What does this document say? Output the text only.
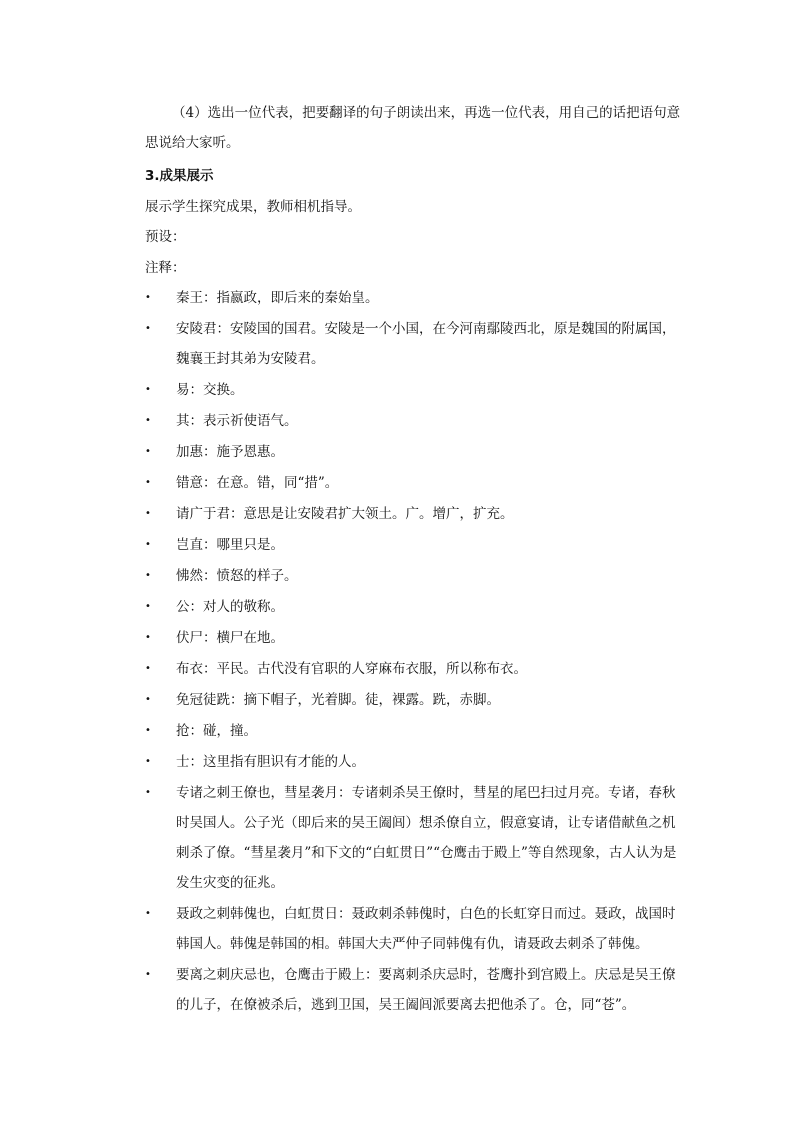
（4）选出一位代表，把要翻译的句子朗读出来，再选一位代表，用自己的话把语句意思说给大家听。

3.成果展示
展示学生探究成果，教师相机指导。
预设：
注释：
•	秦王：指嬴政，即后来的秦始皇。
•	安陵君：安陵国的国君。安陵是一个小国，在今河南鄢陵西北，原是魏国的附属国，魏襄王封其弟为安陵君。
•	易：交换。
•	其：表示祈使语气。
•	加惠：施予恩惠。
•	错意：在意。错，同“措”。
•	请广于君：意思是让安陵君扩大领土。广。增广，扩充。
•	岂直：哪里只是。
•	怫然：愤怒的样子。
•	公：对人的敬称。
•	伏尸：横尸在地。
•	布衣：平民。古代没有官职的人穿麻布衣服，所以称布衣。
•	免冠徒跣：摘下帽子，光着脚。徒，裸露。跣，赤脚。
•	抢：碰，撞。
•	士：这里指有胆识有才能的人。
•	专诸之刺王僚也，彗星袭月：专诸刺杀吴王僚时，彗星的尾巴扫过月亮。专诸，春秋时吴国人。公子光（即后来的吴王阖闾）想杀僚自立，假意宴请，让专诸借献鱼之机刺杀了僚。“彗星袭月”和下文的“白虹贯日”“仓鹰击于殿上”等自然现象，古人认为是发生灾变的征兆。
•	聂政之刺韩傀也，白虹贯日：聂政刺杀韩傀时，白色的长虹穿日而过。聂政，战国时韩国人。韩傀是韩国的相。韩国大夫严仲子同韩傀有仇，请聂政去刺杀了韩傀。
•	要离之刺庆忌也，仓鹰击于殿上：要离刺杀庆忌时，苍鹰扑到宫殿上。庆忌是吴王僚的儿子，在僚被杀后，逃到卫国，吴王阖闾派要离去把他杀了。仓，同“苍”。
